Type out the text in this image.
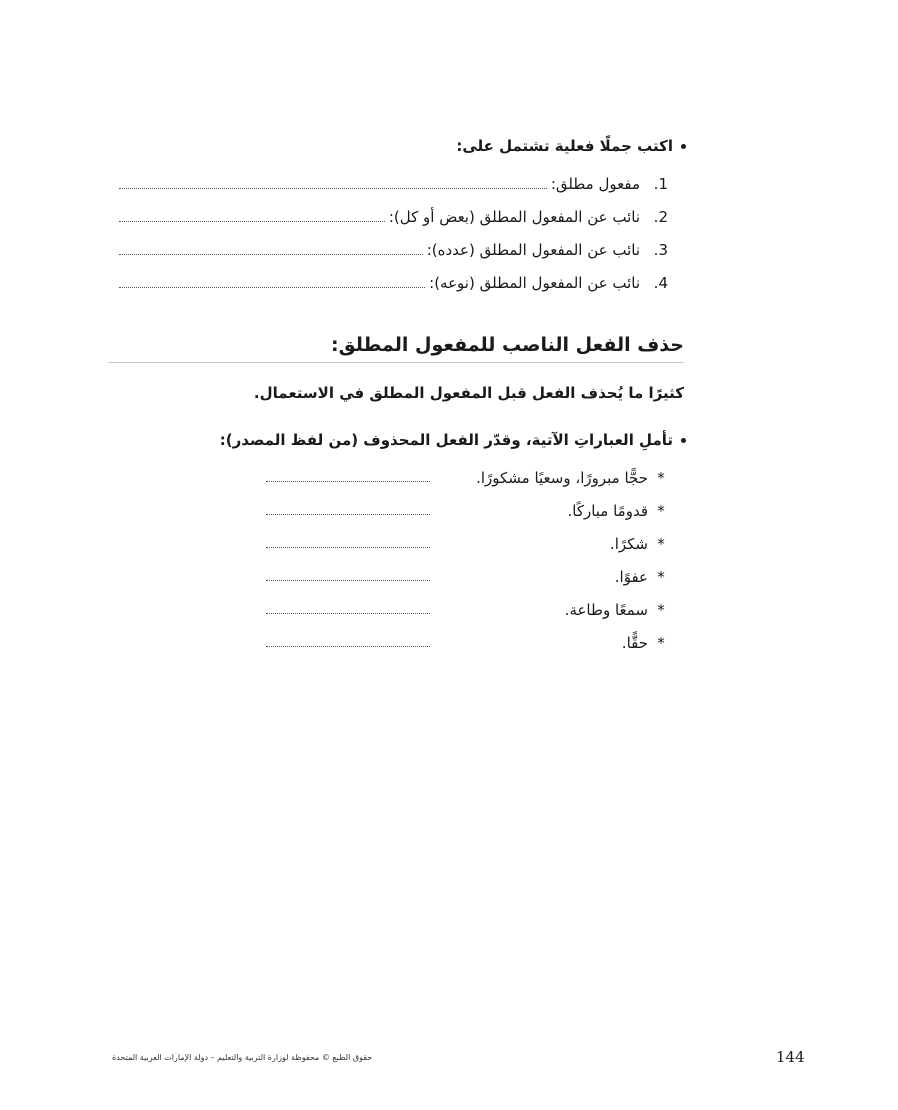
اكتب جملًا فعلية تشتمل على:
1.
مفعول مطلق:
2.
نائب عن المفعول المطلق (بعض أو كل):
3.
نائب عن المفعول المطلق (عدده):
4.
نائب عن المفعول المطلق (نوعه):
حذف الفعل الناصب للمفعول المطلق:
كثيرًا ما يُحذف الفعل قبل المفعول المطلق في الاستعمال.
تأملِ العباراتِ الآتية، وقدّر الفعل المحذوف (من لفظ المصدر):
*
حجًّا مبرورًا، وسعيًا مشكورًا.
*
قدومًا مباركًا.
*
شكرًا.
*
عفوًا.
*
سمعًا وطاعة.
*
حقًّا.
144
حقوق الطبع © محفوظة لوزارة التربية والتعليم – دولة الإمارات العربية المتحدة
